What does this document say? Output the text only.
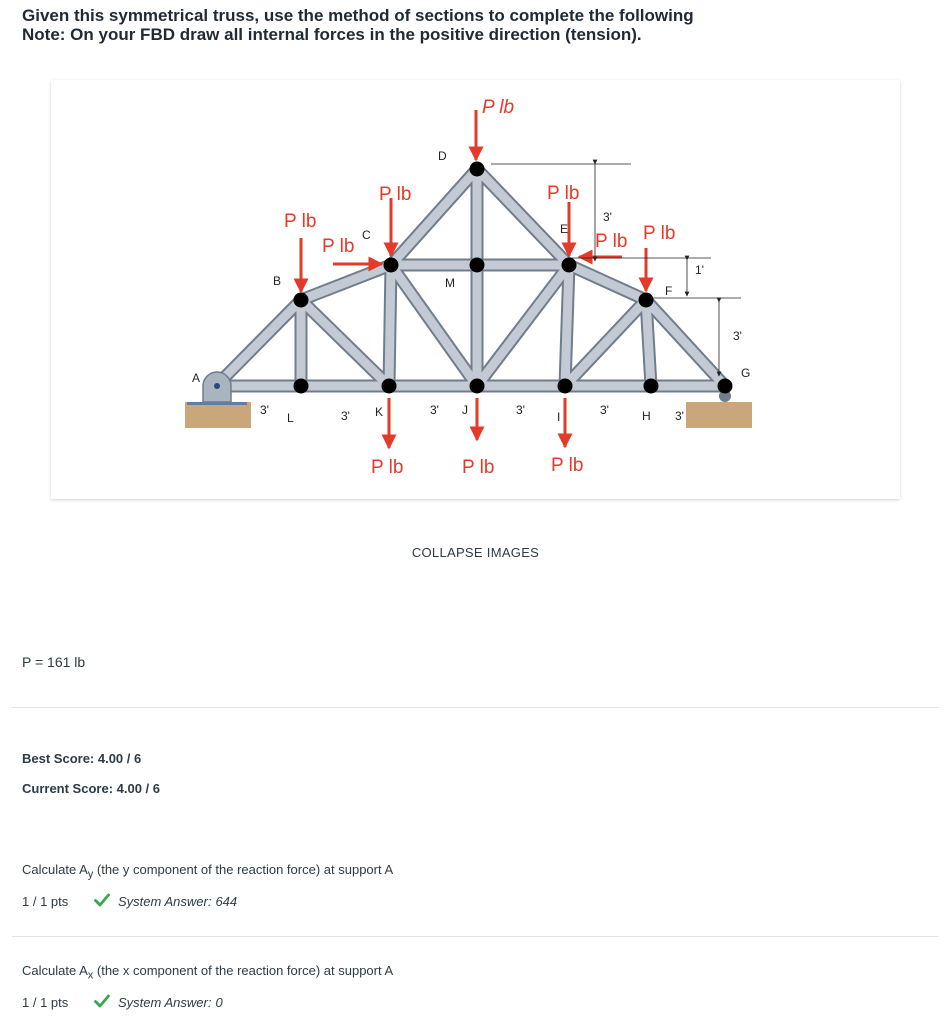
Given this symmetrical truss, use the method of sections to complete the following
Note: On your FBD draw all internal forces in the positive direction (tension).
P lb
P lb
P lb
P lb
P lb
P lb P lb
P lb	P lb	P lb
A
B
C
D
E
F
G
H
I
J
K
L
M
3'
1'
3'
3'	3'	3'	3'	3'	3'
COLLAPSE IMAGES
P = 161 lb
Best Score: 4.00 / 6
Current Score: 4.00 / 6
Calculate $A_y$ (the y component of the reaction force) at support A
1 / 1 pts	System Answer: 644
Calculate $A_x$ (the x component of the reaction force) at support A
1 / 1 pts	System Answer: 0
